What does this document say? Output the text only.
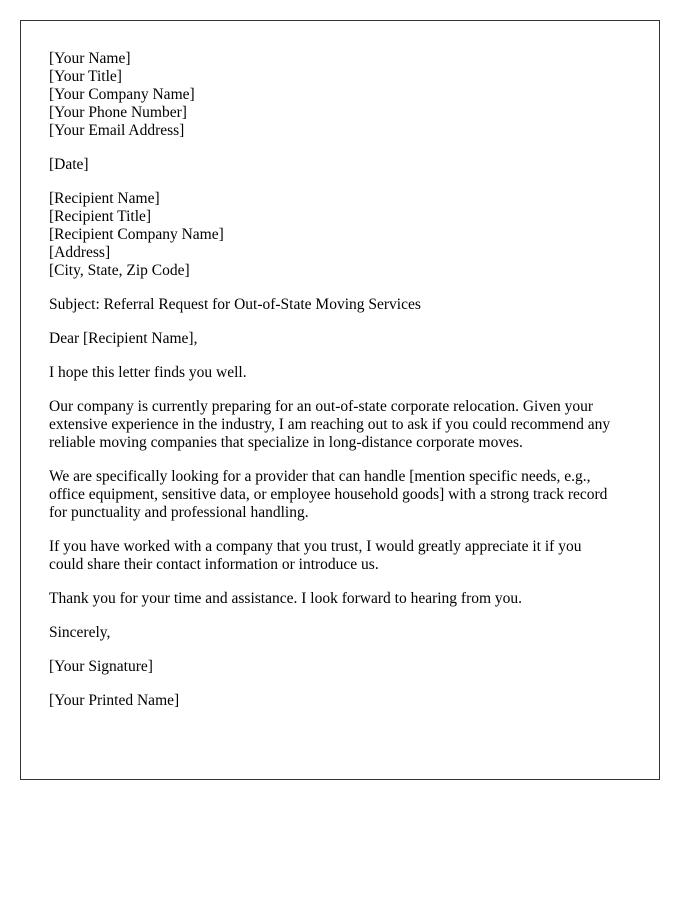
[Your Name]
[Your Title]
[Your Company Name]
[Your Phone Number]
[Your Email Address]
[Date]
[Recipient Name]
[Recipient Title]
[Recipient Company Name]
[Address]
[City, State, Zip Code]

Subject: Referral Request for Out-of-State Moving Services

Dear [Recipient Name],

I hope this letter finds you well.

Our company is currently preparing for an out-of-state corporate relocation. Given your
extensive experience in the industry, I am reaching out to ask if you could recommend any
reliable moving companies that specialize in long-distance corporate moves.

We are specifically looking for a provider that can handle [mention specific needs, e.g.,
office equipment, sensitive data, or employee household goods] with a strong track record
for punctuality and professional handling.

If you have worked with a company that you trust, I would greatly appreciate it if you
could share their contact information or introduce us.

Thank you for your time and assistance. I look forward to hearing from you.

Sincerely,

[Your Signature]

[Your Printed Name]
